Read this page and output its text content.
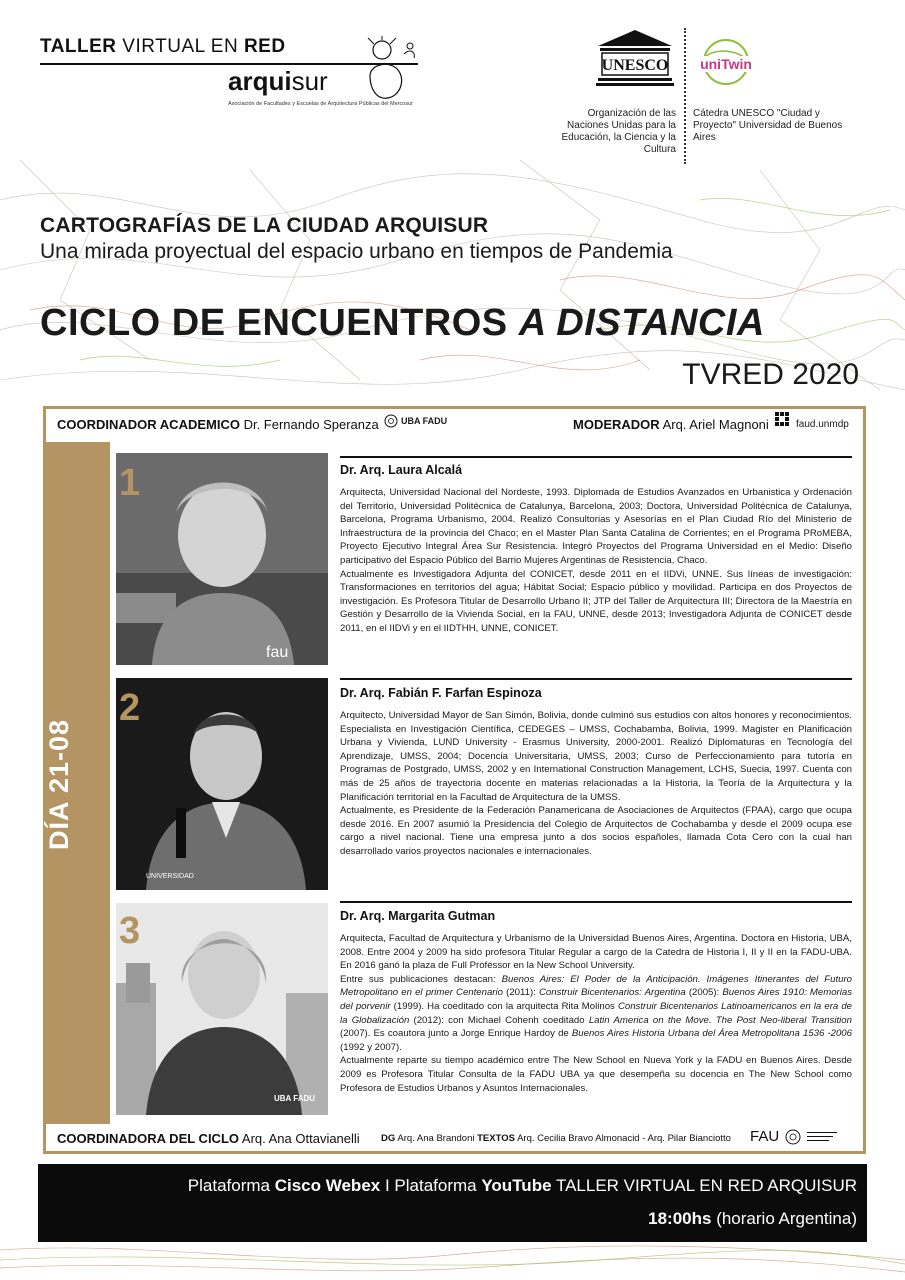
TALLER VIRTUAL EN RED
arquisur
Asociación de Facultades y Escuelas de Arquitectura Públicas del Mercosur
UNESCO
Organización de las Naciones Unidas para la Educación, la Ciencia y la Cultura
uniTwin
Cátedra UNESCO "Ciudad y Proyecto" Universidad de Buenos Aires
CARTOGRAFÍAS DE LA CIUDAD ARQUISUR
Una mirada proyectual del espacio urbano en tiempos de Pandemia
CICLO DE ENCUENTROS A DISTANCIA
TVRED 2020
COORDINADOR ACADEMICO Dr. Fernando Speranza UBA FADU	MODERADOR Arq. Ariel Magnoni	faud.unmdp
DÍA 21-08
fau
1	Dr. Arq. Laura Alcalá

Arquitecta, Universidad Nacional del Nordeste, 1993. Diplomada de Estudios Avanzados en Urbanistica y Ordenación del Territorio, Universidad Politécnica de Catalunya, Barcelona, 2003; Doctora, Universidad Politécnica de Catalunya, Barcelona, Programa Urbanismo, 2004. Realizó Consultorias y Asesorías en el Plan Ciudad Río del Ministerio de Infraestructura de la provincia del Chaco; en el Master Plan Santa Catalina de Corrientes; en el Programa PRoMEBA, Proyecto Ejecutivo Integral Área Sur Resistencia. Integró Proyectos del Programa Universidad en el Medio: Diseño participativo del Espacio Público del Barrio Mujeres Argentinas de Resistencia, Chaco.

Actualmente es Investigadora Adjunta del CONICET, desde 2011 en el IIDVi, UNNE. Sus líneas de investigación: Transformaciones en territorios del agua; Hábitat Social; Espacio público y movilidad. Participa en dos Proyectos de investigación. Es Profesora Titular de Desarrollo Urbano II; JTP del Taller de Arquitectura III; Directora de la Maestría en Gestión y Desarrollo de la Vivienda Social, en la FAU, UNNE, desde 2013; Investigadora Adjunta de CONICET desde 2011, en el IIDVi y en el IIDTHH, UNNE, CONICET.

UNIVERSIDAD
2	Dr. Arq. Fabián F. Farfan Espinoza

Arquitecto, Universidad Mayor de San Simón, Bolivia, donde culminó sus estudios con altos honores y reconocimientos. Especialista en Investigación Científica, CEDEGES – UMSS, Cochabamba, Bolivia, 1999. Magister en Planificación Urbana y Vivienda, LUND University - Erasmus University, 2000-2001. Realizó Diplomaturas en Tecnología del Aprendizaje, UMSS, 2004; Docencia Universitaria, UMSS, 2003; Curso de Perfeccionamiento para tutoría en Programas de Postgrado, UMSS, 2002 y en International Construction Management, LCHS, Suecia, 1997. Cuenta con más de 25 años de trayectoria docente en materias relacionadas a la Historia, la Teoría de la Arquitectura y la Planificación territorial en la Facultad de Arquitectura de la UMSS.

Actualmente, es Presidente de la Federación Panamericana de Asociaciones de Arquitectos (FPAA), cargo que ocupa desde 2016. En 2007 asumió la Presidencia del Colegio de Arquitectos de Cochabamba y desde el 2009 ocupa ese cargo a nivel nacional. Tiene una empresa junto a dos socios españoles, llamada Cota Cero con la cual han desarrollado varios proyectos nacionales e internacionales.

UBA FADU
3	Dr. Arq. Margarita Gutman

Arquitecta, Facultad de Arquitectura y Urbanismo de la Universidad Buenos Aires, Argentina. Doctora en Historia, UBA, 2008. Entre 2004 y 2009 ha sido profesora Titular Regular a cargo de la Catedra de Historia I, II y II en la FADU-UBA. En 2016 ganó la plaza de Full Professor en la New School University.

Entre sus publicaciones destacan: Buenos Aires: El Poder de la Anticipación. Imágenes Itinerantes del Futuro Metropolitano en el primer Centenario (2011): Construir Bicentenarios: Argentina (2005): Buenos Aires 1910: Memorias del porvenir (1999). Ha coeditado con la arquitecta Rita Molinos Construir Bicentenarios Latinoamericanos en la era de la Globalización (2012): con Michael Cohenh coeditado Latin America on the Move. The Post Neo-liberal Transition (2007). Es coautora junto a Jorge Enrique Hardoy de Buenos Aires Historia Urbana del Área Metropolitana 1536 -2006 (1992 y 2007).

Actualmente reparte su tiempo académico entre The New School en Nueva York y la FADU en Buenos Aires. Desde 2009 es Profesora Titular Consulta de la FADU UBA ya que desempeña su docencia en The New School como Profesora de Estudios Urbanos y Asuntos Internacionales.

COORDINADORA DEL CICLO Arq. Ana Ottavianelli DG Arq. Ana Brandoni TEXTOS Arq. Cecilia Bravo Almonacid - Arq. Pilar Bianciotto FAU
Plataforma Cisco Webex I Plataforma YouTube TALLER VIRTUAL EN RED ARQUISUR
18:00hs (horario Argentina)
